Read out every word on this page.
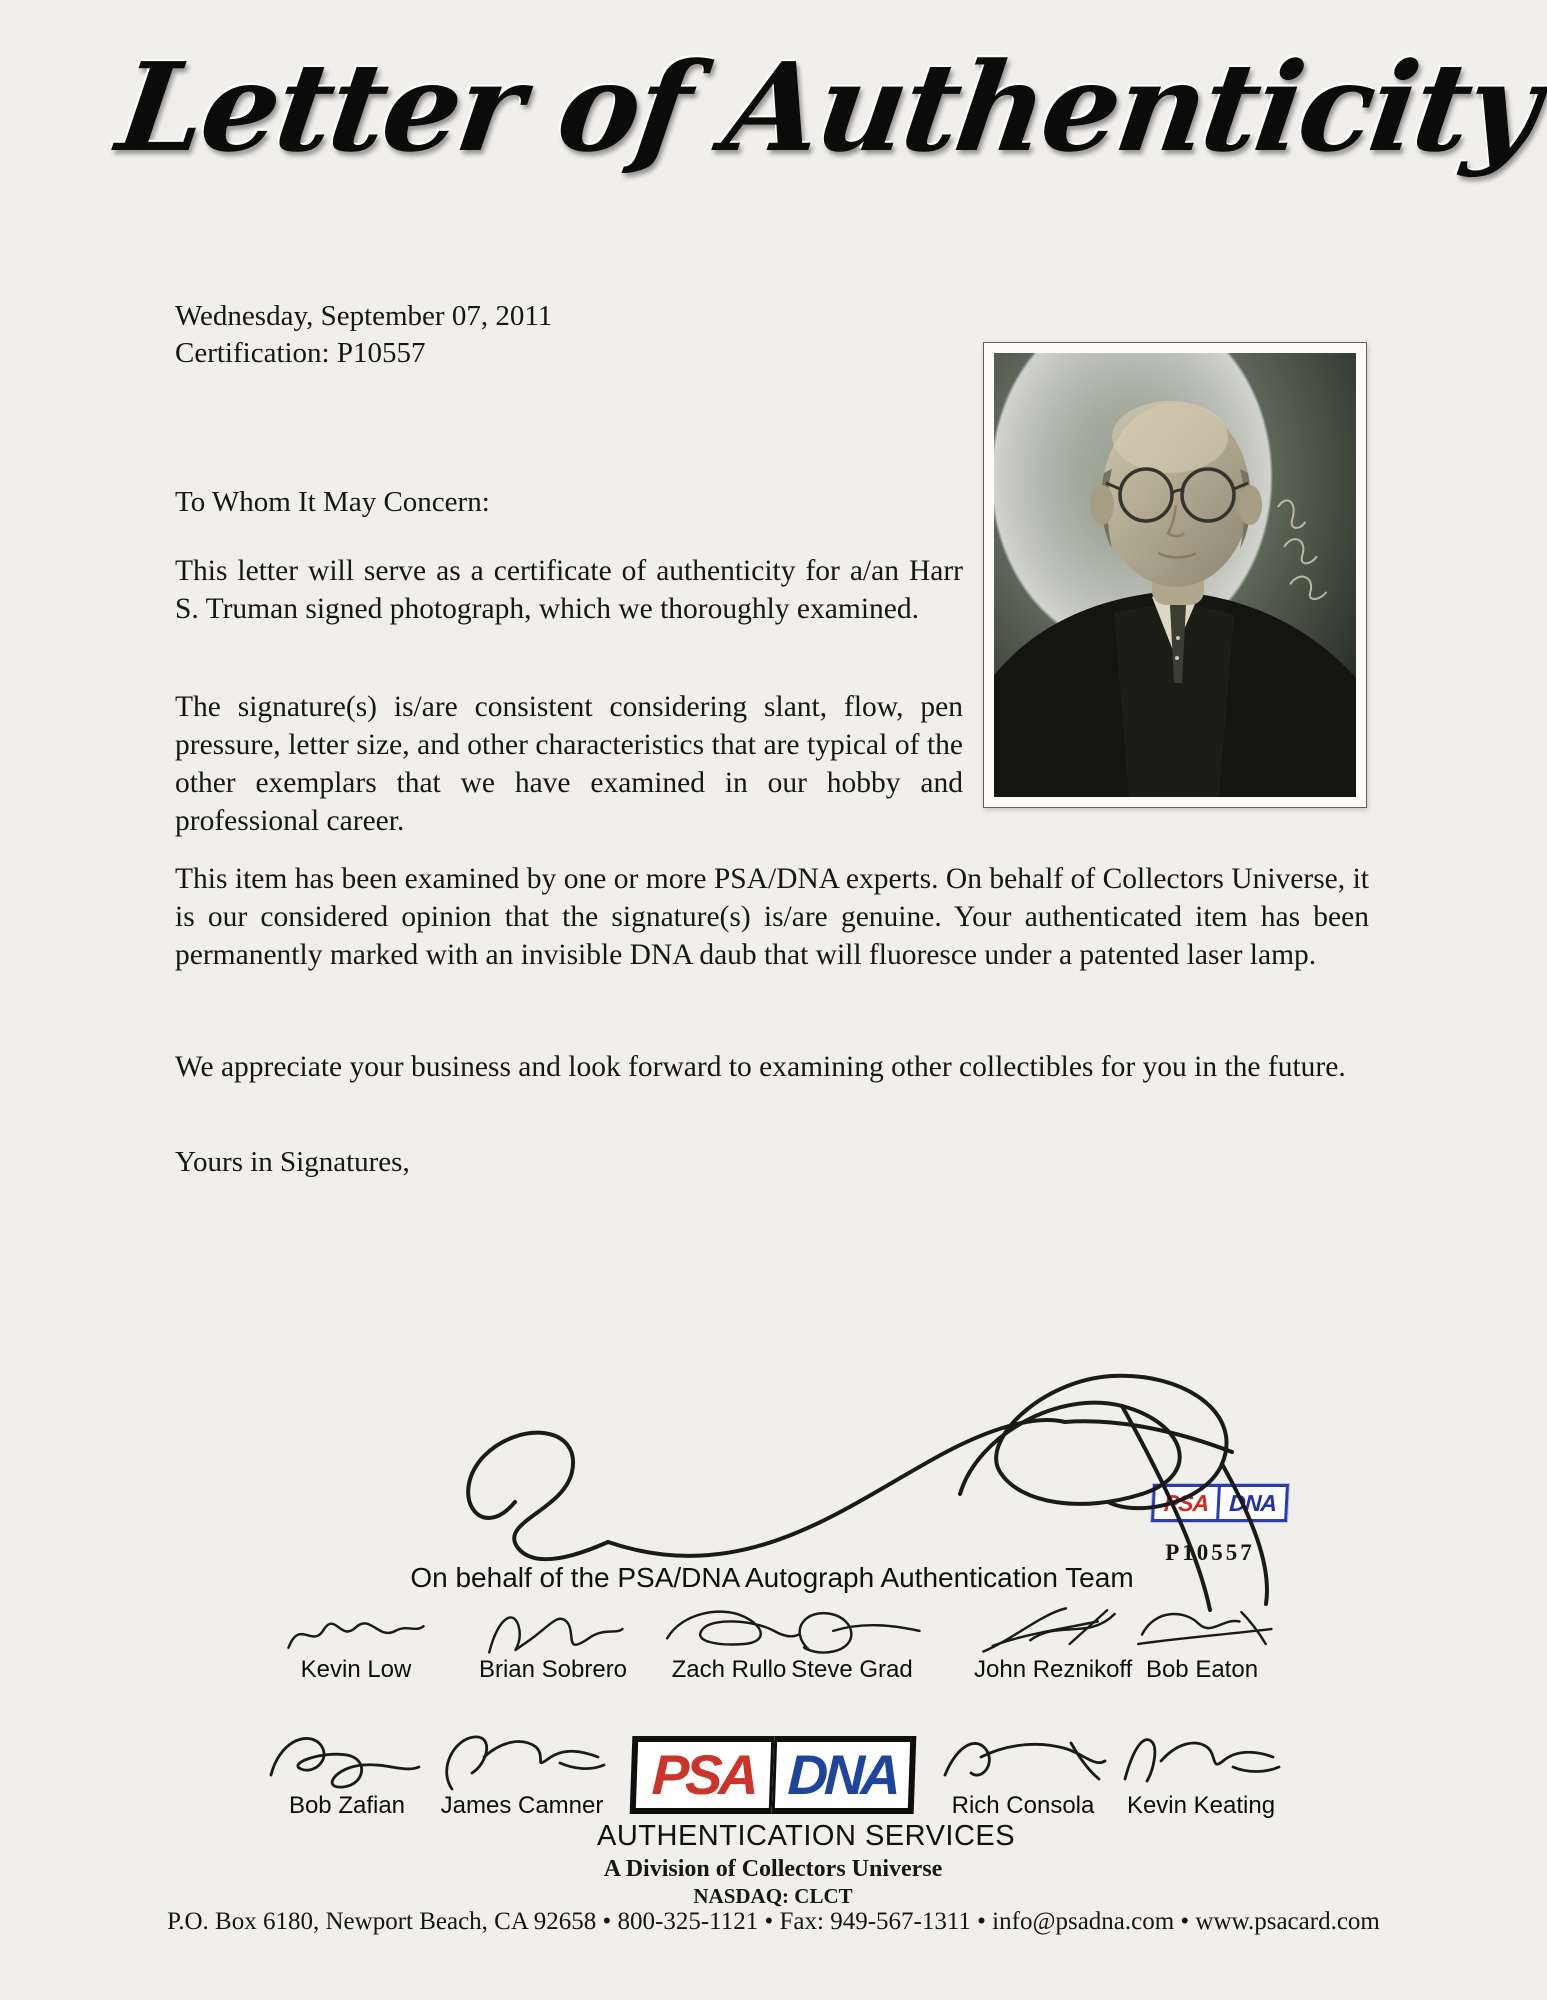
Letter of Authenticity
Wednesday, September 07, 2011
Certification: P10557
To Whom It May Concern:
This letter will serve as a certificate of authenticity for a/an Harr S. Truman signed photograph, which we thoroughly examined.
The signature(s) is/are consistent considering slant, flow, pen pressure, letter size, and other characteristics that are typical of the other exemplars that we have examined in our hobby and professional career.
This item has been examined by one or more PSA/DNA experts. On behalf of Collectors Universe, it is our considered opinion that the signature(s) is/are genuine. Your authenticated item has been permanently marked with an invisible DNA daub that will fluoresce under a patented laser lamp.
We appreciate your business and look forward to examining other collectibles for you in the future.
Yours in Signatures,
PSA DNA
P10557
On behalf of the PSA/DNA Autograph Authentication Team
Kevin Low	Brian Sobrero	Zach Rullo Steve Grad	John Reznikoff Bob Eaton
Bob Zafian	James Camner	Rich Consola	Kevin Keating
PSA DNA
AUTHENTICATION SERVICES
A Division of Collectors Universe
NASDAQ: CLCT
P.O. Box 6180, Newport Beach, CA 92658 • 800-325-1121 • Fax: 949-567-1311 • info@psadna.com • www.psacard.com
